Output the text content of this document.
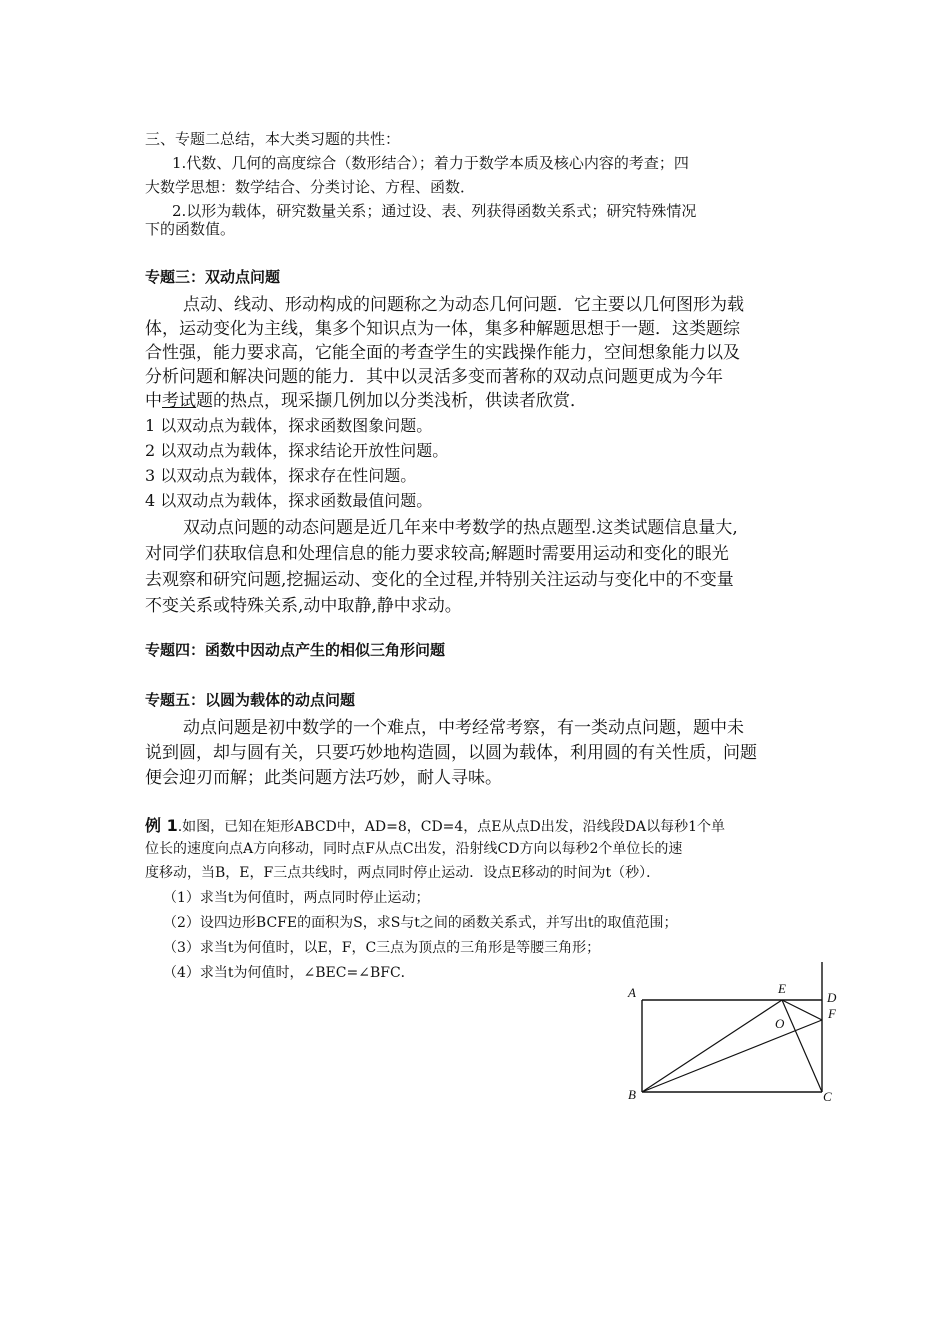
三、专题二总结，本大类习题的共性：
1.代数、几何的高度综合（数形结合）；着力于数学本质及核心内容的考查；四
大数学思想：数学结合、分类讨论、方程、函数．
2.以形为载体，研究数量关系；通过设、表、列获得函数关系式；研究特殊情况
下的函数值。
专题三：双动点问题
点动、线动、形动构成的问题称之为动态几何问题．它主要以几何图形为载
体，运动变化为主线，集多个知识点为一体，集多种解题思想于一题．这类题综
合性强，能力要求高，它能全面的考查学生的实践操作能力，空间想象能力以及
分析问题和解决问题的能力．其中以灵活多变而著称的双动点问题更成为今年
中考试题的热点，现采撷几例加以分类浅析，供读者欣赏．
1 以双动点为载体，探求函数图象问题。
2 以双动点为载体，探求结论开放性问题。
3 以双动点为载体，探求存在性问题。
4 以双动点为载体，探求函数最值问题。
双动点问题的动态问题是近几年来中考数学的热点题型.这类试题信息量大,
对同学们获取信息和处理信息的能力要求较高;解题时需要用运动和变化的眼光
去观察和研究问题,挖掘运动、变化的全过程,并特别关注运动与变化中的不变量
不变关系或特殊关系,动中取静,静中求动。
专题四：函数中因动点产生的相似三角形问题
专题五：以圆为载体的动点问题
动点问题是初中数学的一个难点，中考经常考察，有一类动点问题，题中未
说到圆，却与圆有关，只要巧妙地构造圆，以圆为载体，利用圆的有关性质，问题
便会迎刃而解；此类问题方法巧妙，耐人寻味。
例 1.如图，已知在矩形ABCD中，AD=8，CD=4，点E从点D出发，沿线段DA以每秒1个单
位长的速度向点A方向移动，同时点F从点C出发，沿射线CD方向以每秒2个单位长的速
度移动，当B，E，F三点共线时，两点同时停止运动．设点E移动的时间为t（秒）．
（1）求当t为何值时，两点同时停止运动；
（2）设四边形BCFE的面积为S，求S与t之间的函数关系式，并写出t的取值范围；
（3）求当t为何值时，以E，F，C三点为顶点的三角形是等腰三角形；
（4）求当t为何值时，∠BEC=∠BFC．
A
B	C
D
E
F
O
